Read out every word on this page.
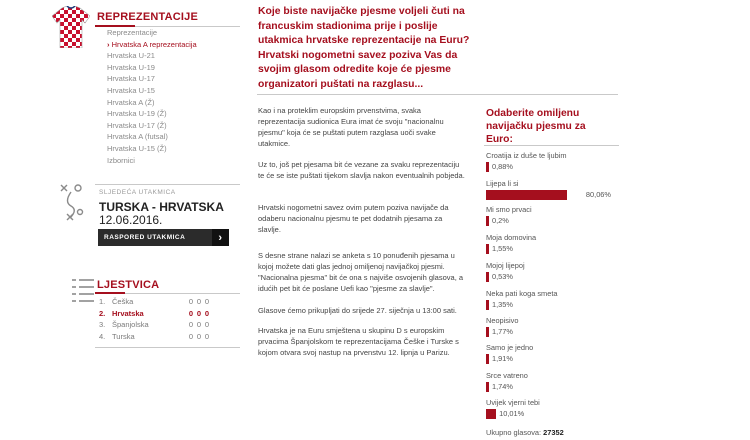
REPREZENTACIJE
Reprezentacije
› Hrvatska A reprezentacija
Hrvatska U-21
Hrvatska U-19
Hrvatska U-17
Hrvatska U-15
Hrvatska A (Ž)
Hrvatska U-19 (Ž)
Hrvatska U-17 (Ž)
Hrvatska A (futsal)
Hrvatska U-15 (Ž)
Izbornici
SLJEDEĆA UTAKMICA
TURSKA - HRVATSKA
12.06.2016.
RASPORED UTAKMICA	›
LJESTVICA
1. Češka	0 0 0
2. Hrvatska	0 0 0
3. Španjolska	0 0 0
4. Turska	0 0 0
Koje biste navijačke pjesme voljeli čuti na francuskim stadionima prije i poslije utakmica hrvatske reprezentacije na Euru? Hrvatski nogometni savez poziva Vas da svojim glasom odredite koje će pjesme organizatori puštati na razglasu...

Kao i na proteklim europskim prvenstvima, svaka reprezentacija sudionica Eura imat će svoju "nacionalnu pjesmu" koja će se puštati putem razglasa uoči svake utakmice.

Uz to, još pet pjesama bit će vezane za svaku reprezentaciju te će se iste puštati tijekom slavlja nakon eventualnih pobjeda.

Hrvatski nogometni savez ovim putem poziva navijače da odaberu nacionalnu pjesmu te pet dodatnih pjesama za slavlje.

S desne strane nalazi se anketa s 10 ponuđenih pjesama u kojoj možete dati glas jednoj omiljenoj navijačkoj pjesmi. "Nacionalna pjesma" bit će ona s najviše osvojenih glasova, a idućih pet bit će poslane Uefi kao "pjesme za slavlje".

Glasove ćemo prikupljati do srijede 27. siječnja u 13:00 sati.

Hrvatska je na Euru smještena u skupinu D s europskim prvacima Španjolskom te reprezentacijama Češke i Turske s kojom otvara svoj nastup na prvenstvu 12. lipnja u Parizu.

Odaberite omiljenu navijačku pjesmu za Euro:
Croatija iz duše te ljubim
0,88%
Lijepa li si
80,06%
Mi smo prvaci
0,2%
Moja domovina
1,55%
Mojoj lijepoj
0,53%
Neka pati koga smeta
1,35%
Neopisivo
1,77%
Samo je jedno
1,91%
Srce vatreno
1,74%
Uvijek vjerni tebi
10,01%
Ukupno glasova: 27352
